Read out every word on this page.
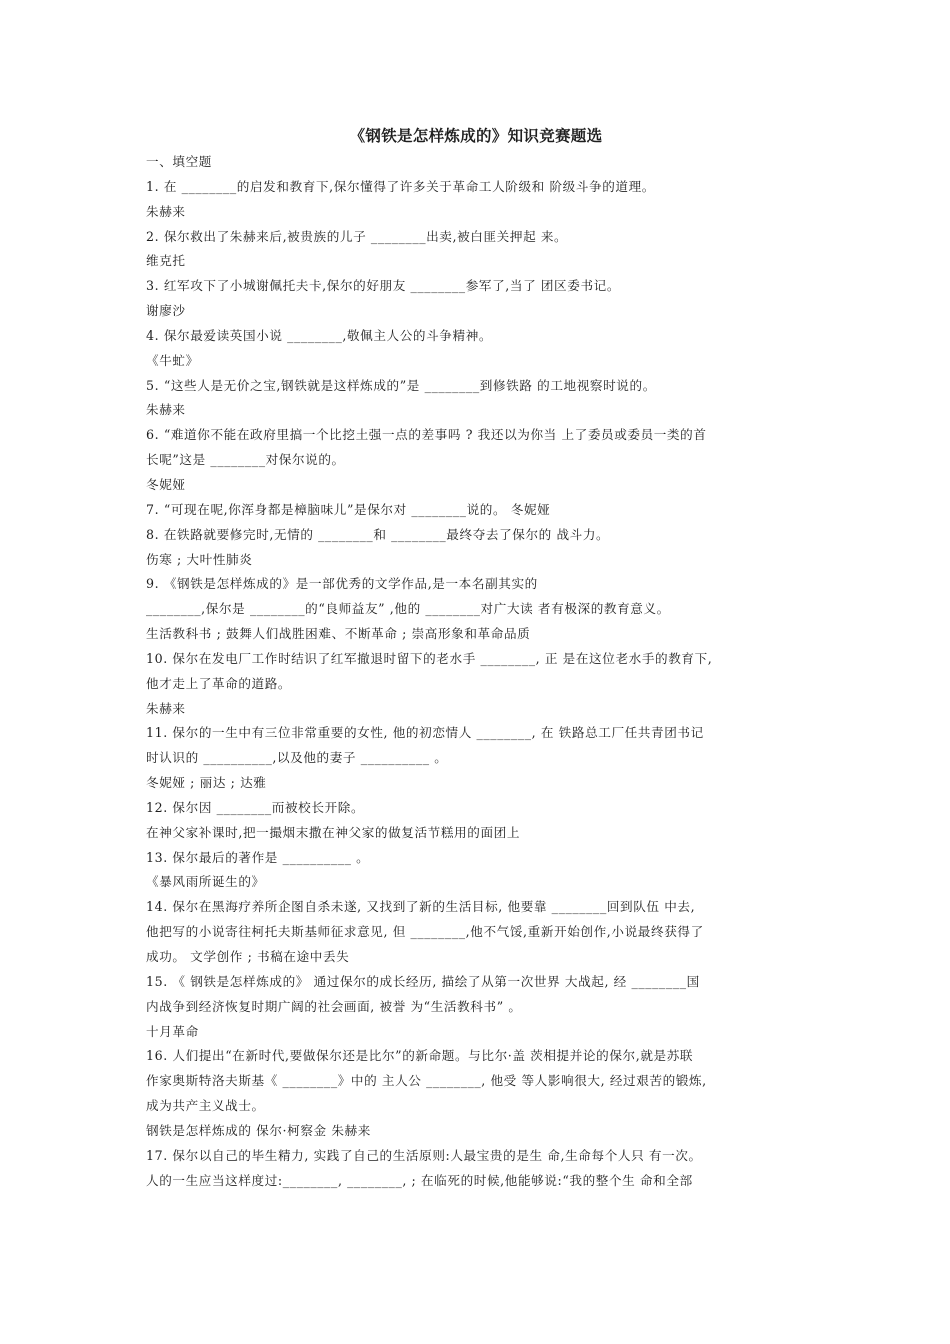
《钢铁是怎样炼成的》知识竞赛题选
一、填空题
1. 在 ________的启发和教育下,保尔懂得了许多关于革命工人阶级和 阶级斗争的道理。
朱赫来
2. 保尔救出了朱赫来后,被贵族的儿子 ________出卖,被白匪关押起 来。
维克托
3. 红军攻下了小城谢佩托夫卡,保尔的好朋友 ________参军了,当了 团区委书记。
谢廖沙
4. 保尔最爱读英国小说 ________,敬佩主人公的斗争精神。
《牛虻》
5. “这些人是无价之宝,钢铁就是这样炼成的”是 ________到修铁路 的工地视察时说的。
朱赫来
6. “难道你不能在政府里搞一个比挖土强一点的差事吗 ? 我还以为你当 上了委员或委员一类的首
长呢”这是 ________对保尔说的。
冬妮娅
7. “可现在呢,你浑身都是樟脑味儿”是保尔对 ________说的。 冬妮娅
8. 在铁路就要修完时,无情的 ________和 ________最终夺去了保尔的 战斗力。
伤寒 ; 大叶性肺炎
9. 《钢铁是怎样炼成的》是一部优秀的文学作品,是一本名副其实的
________,保尔是 ________的“良师益友” ,他的 ________对广大读 者有极深的教育意义。
生活教科书 ; 鼓舞人们战胜困难、不断革命 ; 崇高形象和革命品质
10. 保尔在发电厂工作时结识了红军撤退时留下的老水手 ________, 正 是在这位老水手的教育下,
他才走上了革命的道路。
朱赫来
11. 保尔的一生中有三位非常重要的女性, 他的初恋情人 ________, 在 铁路总工厂任共青团书记
时认识的 __________,以及他的妻子 __________ 。
冬妮娅 ; 丽达 ; 达雅
12. 保尔因 ________而被校长开除。
在神父家补课时,把一撮烟末撒在神父家的做复活节糕用的面团上
13. 保尔最后的著作是 __________ 。
《暴风雨所诞生的》
14. 保尔在黑海疗养所企图自杀未遂, 又找到了新的生活目标, 他要靠 ________回到队伍 中去,
他把写的小说寄往柯托夫斯基师征求意见, 但 ________,他不气馁,重新开始创作,小说最终获得了
成功。 文学创作 ; 书稿在途中丢失
15. 《 钢铁是怎样炼成的》 通过保尔的成长经历, 描绘了从第一次世界 大战起, 经 ________国
内战争到经济恢复时期广阔的社会画面, 被誉 为“生活教科书” 。
十月革命
16. 人们提出“在新时代,要做保尔还是比尔”的新命题。与比尔·盖 茨相提并论的保尔,就是苏联
作家奥斯特洛夫斯基《 ________》中的 主人公 ________, 他受 等人影响很大, 经过艰苦的锻炼,
成为共产主义战士。
钢铁是怎样炼成的 保尔·柯察金 朱赫来
17. 保尔以自己的毕生精力, 实践了自己的生活原则:人最宝贵的是生 命,生命每个人只 有一次。
人的一生应当这样度过:________, ________, ; 在临死的时候,他能够说:“我的整个生 命和全部
